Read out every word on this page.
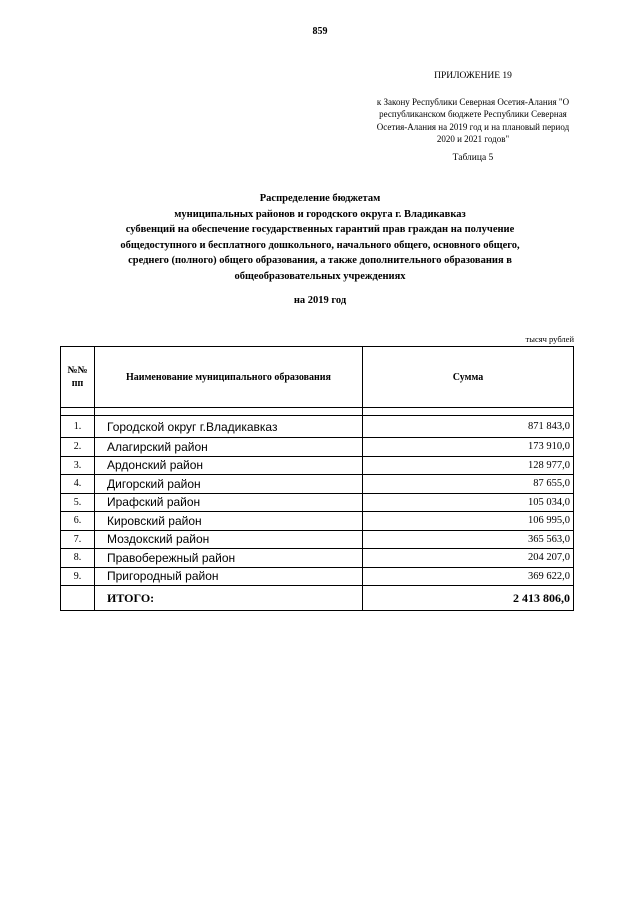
859
ПРИЛОЖЕНИЕ 19
к Закону Республики Северная Осетия-Алания "О республиканском бюджете Республики Северная Осетия-Алания на 2019 год и на плановый период 2020 и 2021 годов"
Таблица 5
Распределение бюджетам
муниципальных районов и городского округа г. Владикавказ
субвенций на обеспечение государственных гарантий прав граждан на получение
общедоступного и бесплатного дошкольного, начального общего, основного общего,
среднего (полного) общего образования, а также дополнительного образования в
общеобразовательных учреждениях
на 2019 год
тысяч рублей
№№ пп	Наименование муниципального образования	Сумма

1.	Городской округ г.Владикавказ	871 843,0
2.	Алагирский район	173 910,0
3.	Ардонский район	128 977,0
4.	Дигорский район	87 655,0
5.	Ирафский район	105 034,0
6.	Кировский район	106 995,0
7.	Моздокский район	365 563,0
8.	Правобережный район	204 207,0
9.	Пригородный район	369 622,0
	ИТОГО:	2 413 806,0
